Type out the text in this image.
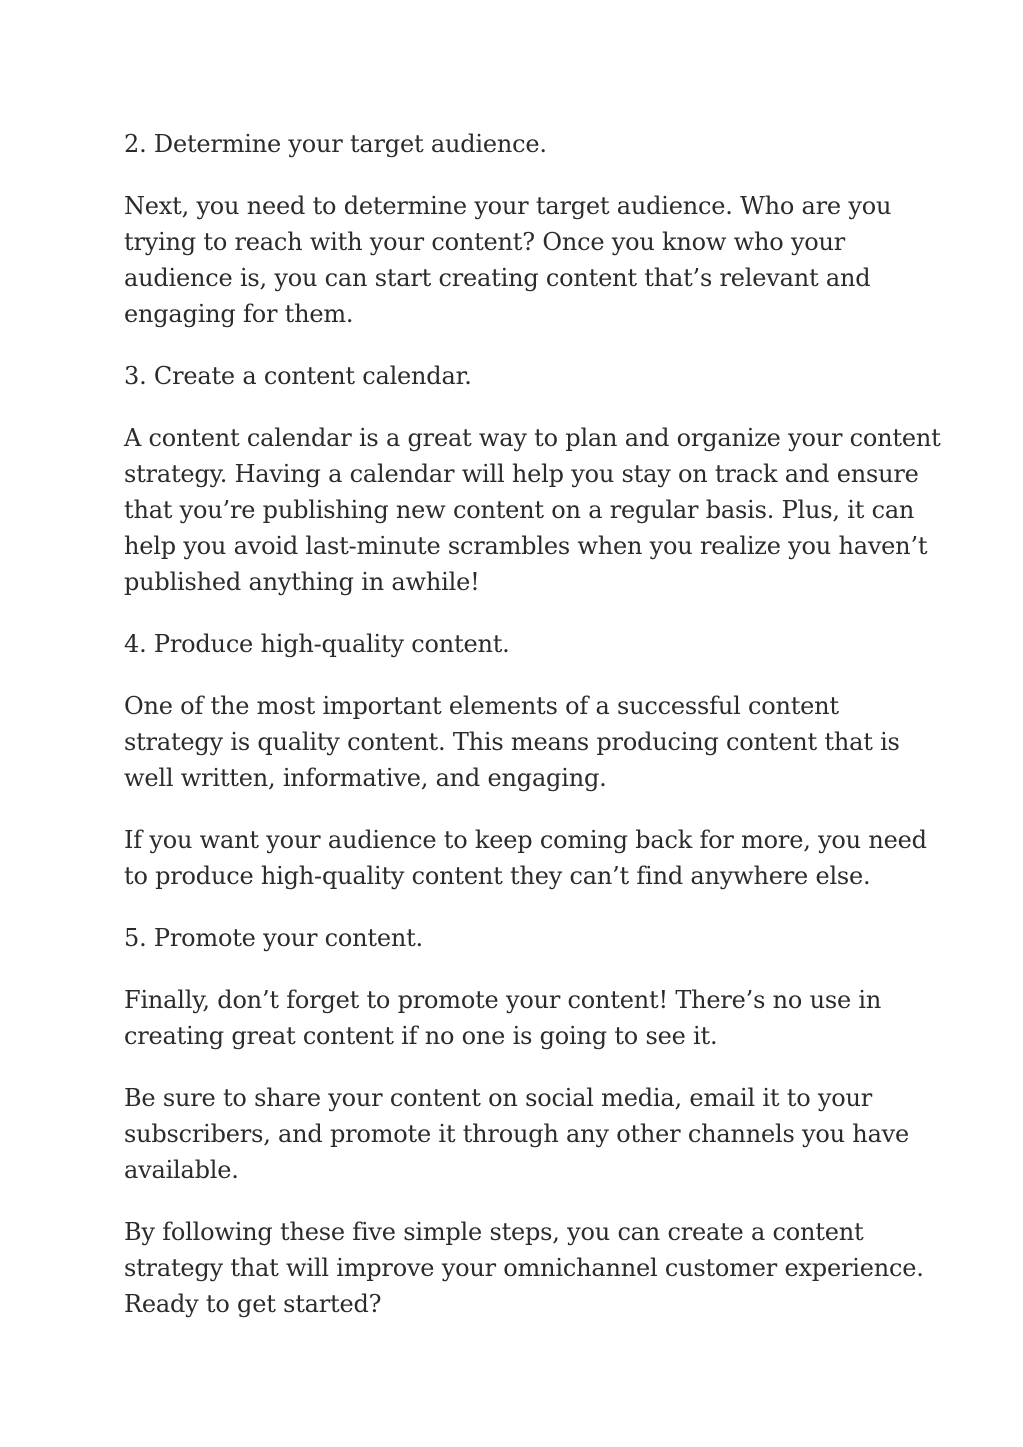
2. Determine your target audience.

Next, you need to determine your target audience. Who are you
trying to reach with your content? Once you know who your
audience is, you can start creating content that’s relevant and
engaging for them.

3. Create a content calendar.

A content calendar is a great way to plan and organize your content
strategy. Having a calendar will help you stay on track and ensure
that you’re publishing new content on a regular basis. Plus, it can
help you avoid last-minute scrambles when you realize you haven’t
published anything in awhile!

4. Produce high-quality content.

One of the most important elements of a successful content
strategy is quality content. This means producing content that is
well written, informative, and engaging.

If you want your audience to keep coming back for more, you need
to produce high-quality content they can’t find anywhere else.

5. Promote your content.

Finally, don’t forget to promote your content! There’s no use in
creating great content if no one is going to see it.

Be sure to share your content on social media, email it to your
subscribers, and promote it through any other channels you have
available.

By following these five simple steps, you can create a content
strategy that will improve your omnichannel customer experience.
Ready to get started?
